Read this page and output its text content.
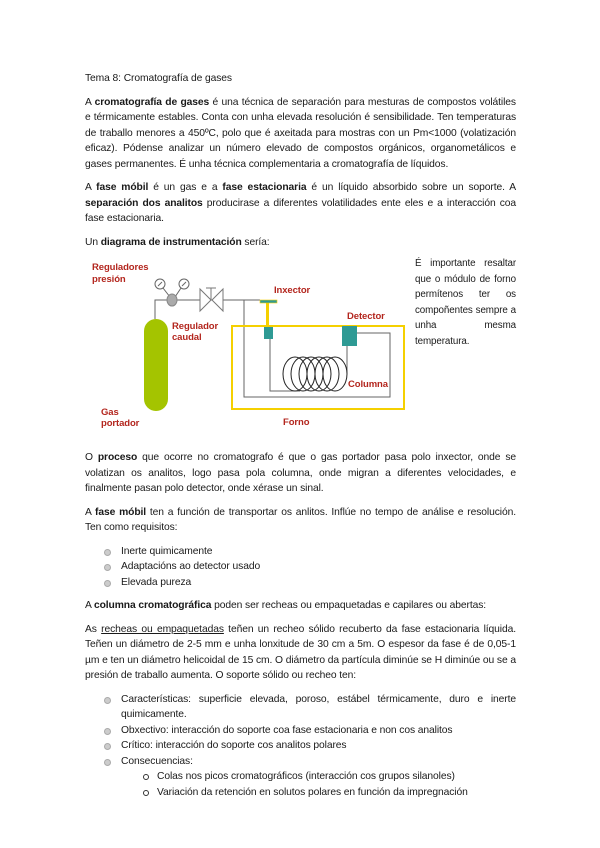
Tema 8: Cromatografía de gases
A cromatografía de gases é una técnica de separación para mesturas de compostos volátiles e térmicamente estables. Conta con unha elevada resolución é sensibilidade. Ten temperaturas de traballo menores a 450ºC, polo que é axeitada para mostras con un Pm<1000 (volatización eficaz). Pódense analizar un número elevado de compostos orgánicos, organometálicos e gases permanentes. É unha técnica complementaria a cromatografía de líquidos.
A fase móbil é un gas e a fase estacionaria é un líquido absorbido sobre un soporte. A separación dos analitos producirase a diferentes volatilidades ente eles e a interacción coa fase estacionaria.
Un diagrama de instrumentación sería:
Reguladores
presión
Regulador
caudal
Inxector
Detector
Columna
Forno
Gas
portador
É importante resaltar que o módulo de forno permítenos ter os compoñentes sempre a unha mesma temperatura.
O proceso que ocorre no cromatografo é que o gas portador pasa polo inxector, onde se volatizan os analitos, logo pasa pola columna, onde migran a diferentes velocidades, e finalmente pasan polo detector, onde xérase un sinal.
A fase móbil ten a función de transportar os anlitos. Inflúe no tempo de análise e resolución. Ten como requisitos:
Inerte quimicamente
Adaptacións ao detector usado
Elevada pureza
A columna cromatográfica poden ser recheas ou empaquetadas e capilares ou abertas:
As recheas ou empaquetadas teñen un recheo sólido recuberto da fase estacionaria líquida. Teñen un diámetro de 2-5 mm e unha lonxitude de 30 cm a 5m. O espesor da fase é de 0,05-1 µm e ten un diámetro helicoidal de 15 cm. O diámetro da partícula diminúe se H diminúe ou se a presión de traballo aumenta. O soporte sólido ou recheo ten:
Características: superficie elevada, poroso, estábel térmicamente, duro e inerte quimicamente.
Obxectivo: interacción do soporte coa fase estacionaria e non cos analitos
Crítico: interacción do soporte cos analitos polares
Consecuencias:
Colas nos picos cromatográficos (interacción cos grupos silanoles)
Variación da retención en solutos polares en función da impregnación
